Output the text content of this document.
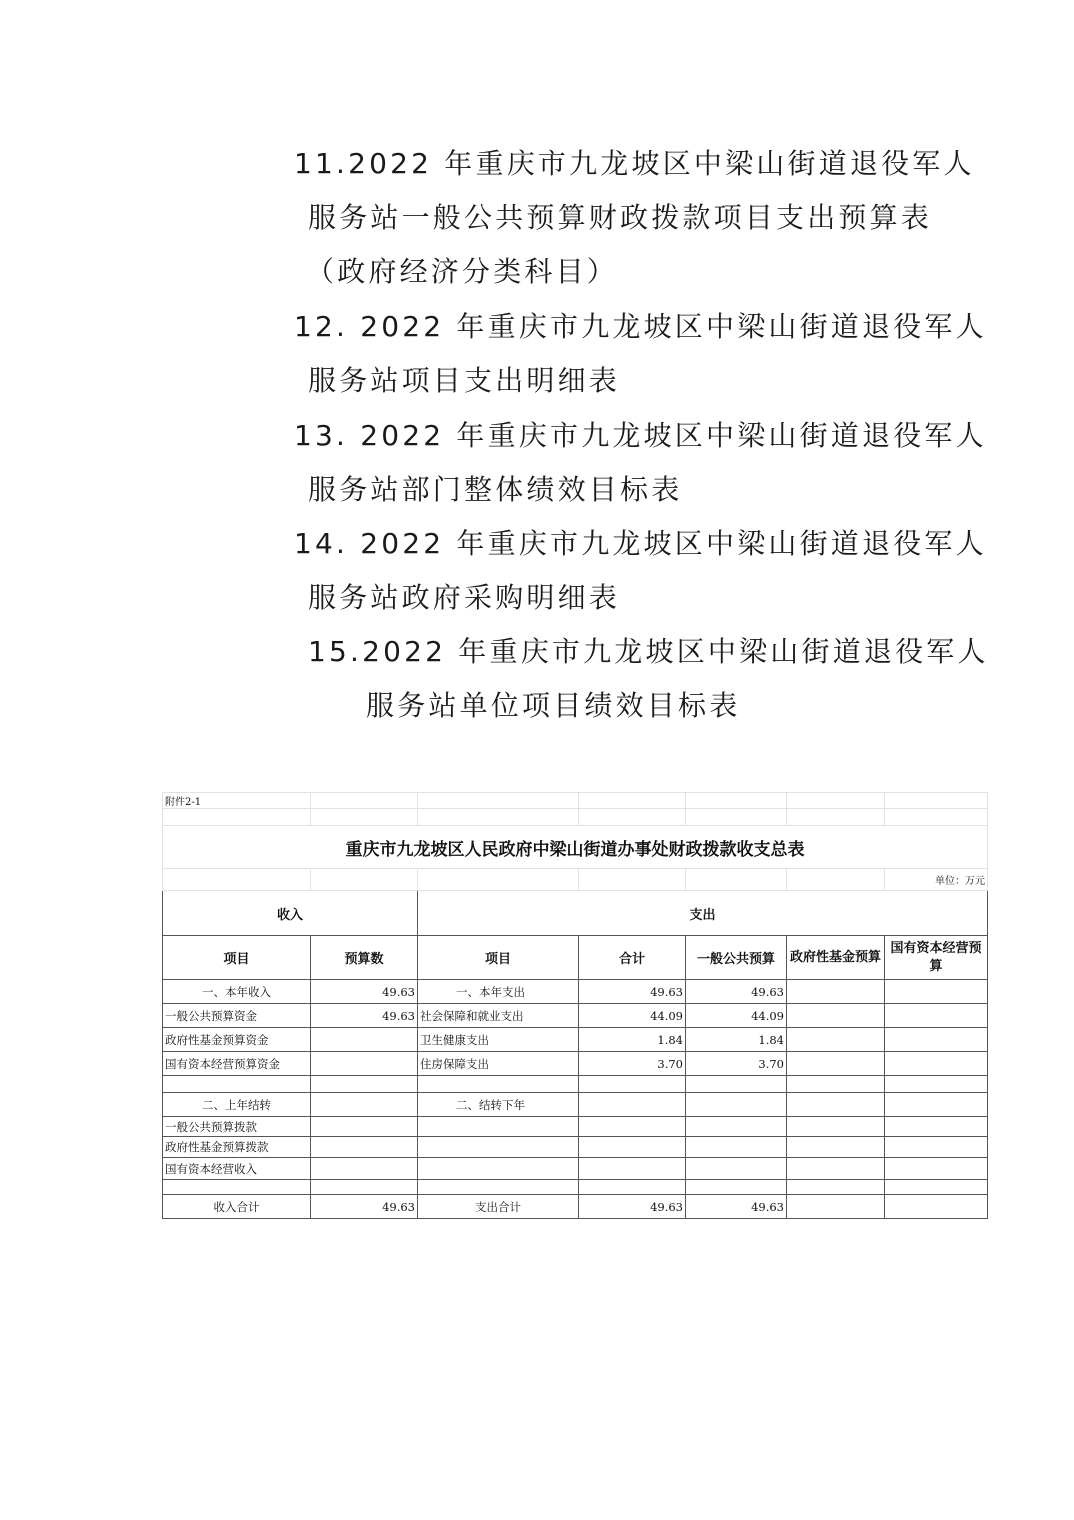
11.2022 年重庆市九龙坡区中梁山街道退役军人
服务站一般公共预算财政拨款项目支出预算表
（政府经济分类科目）
12. 2022 年重庆市九龙坡区中梁山街道退役军人
服务站项目支出明细表
13. 2022 年重庆市九龙坡区中梁山街道退役军人
服务站部门整体绩效目标表
14. 2022 年重庆市九龙坡区中梁山街道退役军人
服务站政府采购明细表
15.2022 年重庆市九龙坡区中梁山街道退役军人
服务站单位项目绩效目标表
附件2-1						

重庆市九龙坡区人民政府中梁山街道办事处财政拨款收支总表						
						单位：万元
收入		支出				
项目	预算数	项目	合计	一般公共预算	政府性基金预算	国有资本经营预算
一、本年收入	49.63	一、本年支出	49.63	49.63		
一般公共预算资金	49.63	社会保障和就业支出	44.09	44.09		
政府性基金预算资金		卫生健康支出	1.84	1.84		
国有资本经营预算资金		住房保障支出	3.70	3.70		

二、上年结转		二、结转下年				
一般公共预算拨款						
政府性基金预算拨款						
国有资本经营收入						

收入合计	49.63	支出合计	49.63	49.63		
